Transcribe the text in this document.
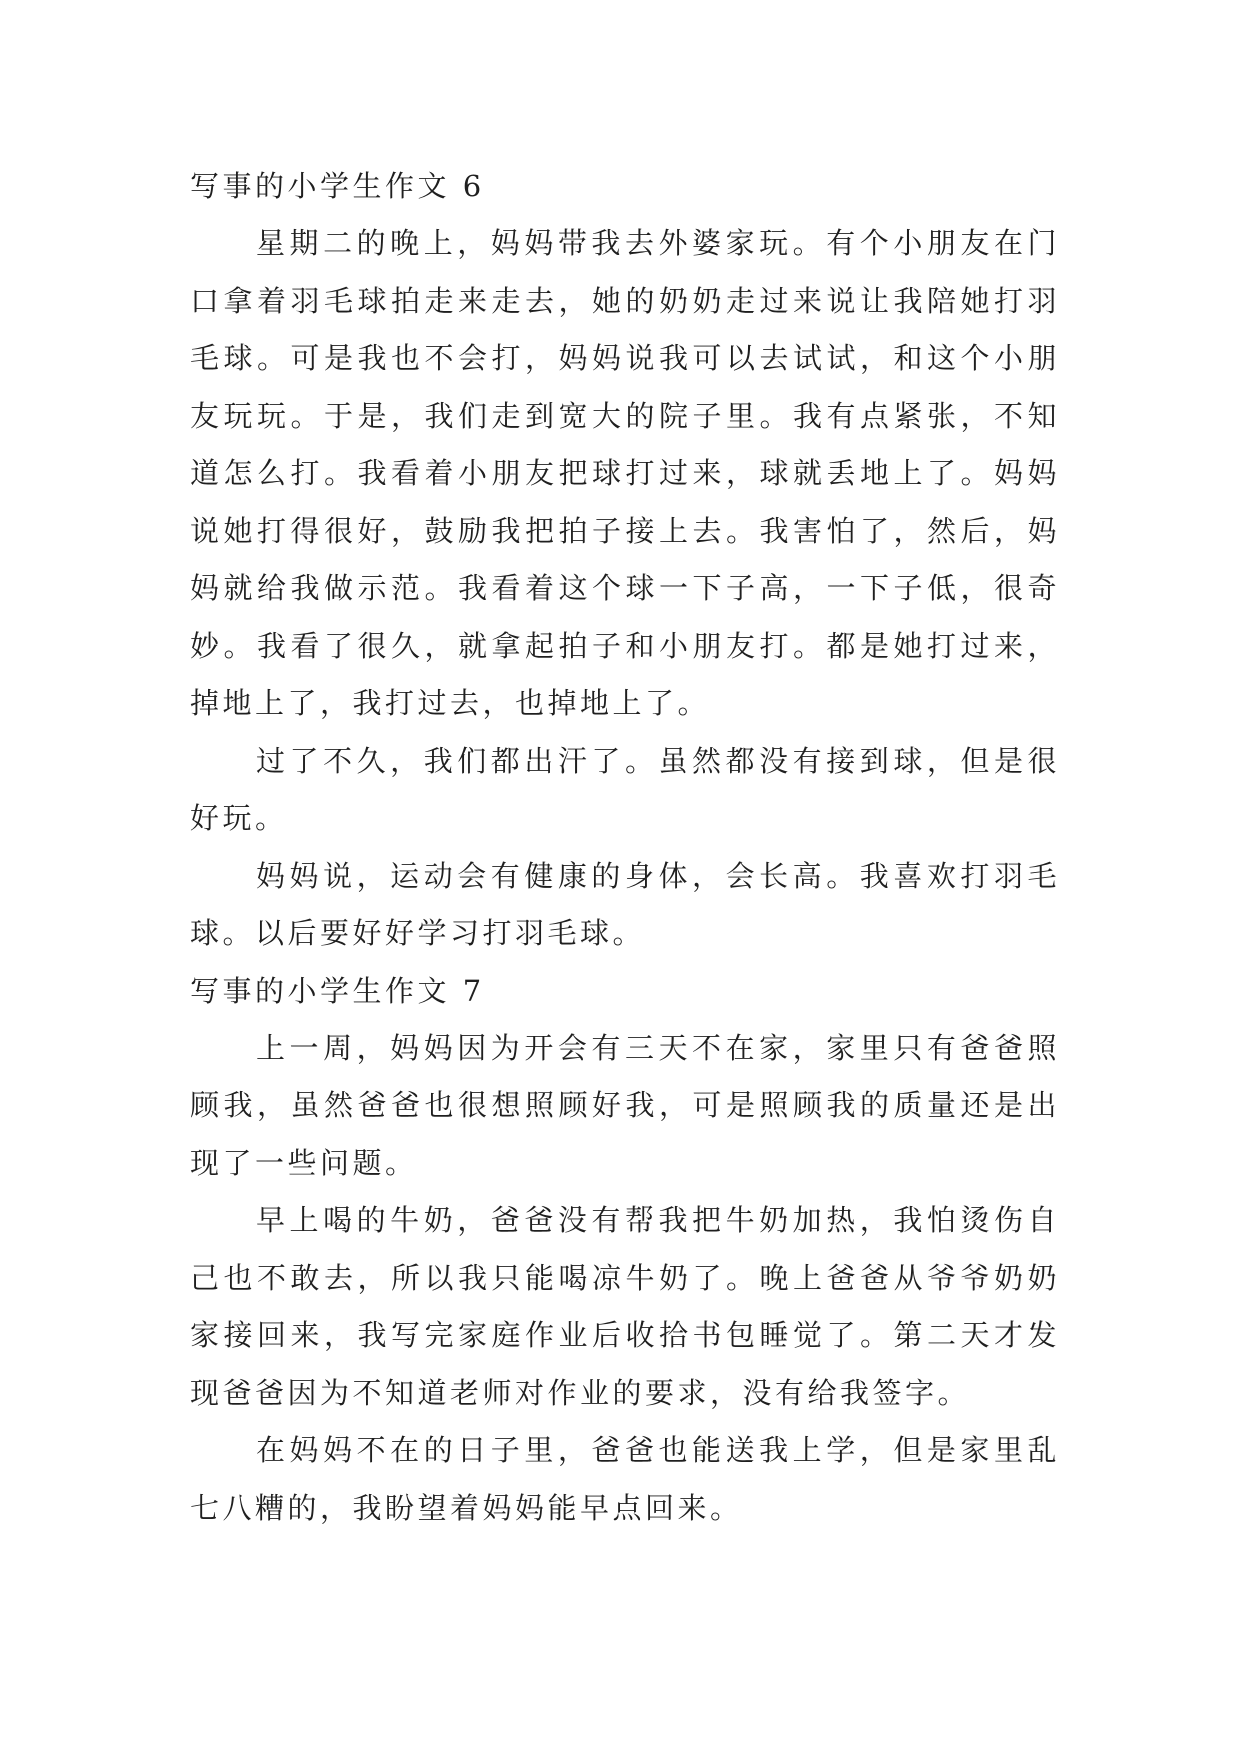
写事的小学生作文 6

星期二的晚上，妈妈带我去外婆家玩。有个小朋友在门口拿着羽毛球拍走来走去，她的奶奶走过来说让我陪她打羽毛球。可是我也不会打，妈妈说我可以去试试，和这个小朋友玩玩。于是，我们走到宽大的院子里。我有点紧张，不知道怎么打。我看着小朋友把球打过来，球就丢地上了。妈妈说她打得很好，鼓励我把拍子接上去。我害怕了，然后，妈妈就给我做示范。我看着这个球一下子高，一下子低，很奇妙。我看了很久，就拿起拍子和小朋友打。都是她打过来，掉地上了，我打过去，也掉地上了。

过了不久，我们都出汗了。虽然都没有接到球，但是很好玩。

妈妈说，运动会有健康的身体，会长高。我喜欢打羽毛球。以后要好好学习打羽毛球。

写事的小学生作文 7

上一周，妈妈因为开会有三天不在家，家里只有爸爸照顾我，虽然爸爸也很想照顾好我，可是照顾我的质量还是出现了一些问题。

早上喝的牛奶，爸爸没有帮我把牛奶加热，我怕烫伤自己也不敢去，所以我只能喝凉牛奶了。晚上爸爸从爷爷奶奶家接回来，我写完家庭作业后收拾书包睡觉了。第二天才发现爸爸因为不知道老师对作业的要求，没有给我签字。

在妈妈不在的日子里，爸爸也能送我上学，但是家里乱七八糟的，我盼望着妈妈能早点回来。
